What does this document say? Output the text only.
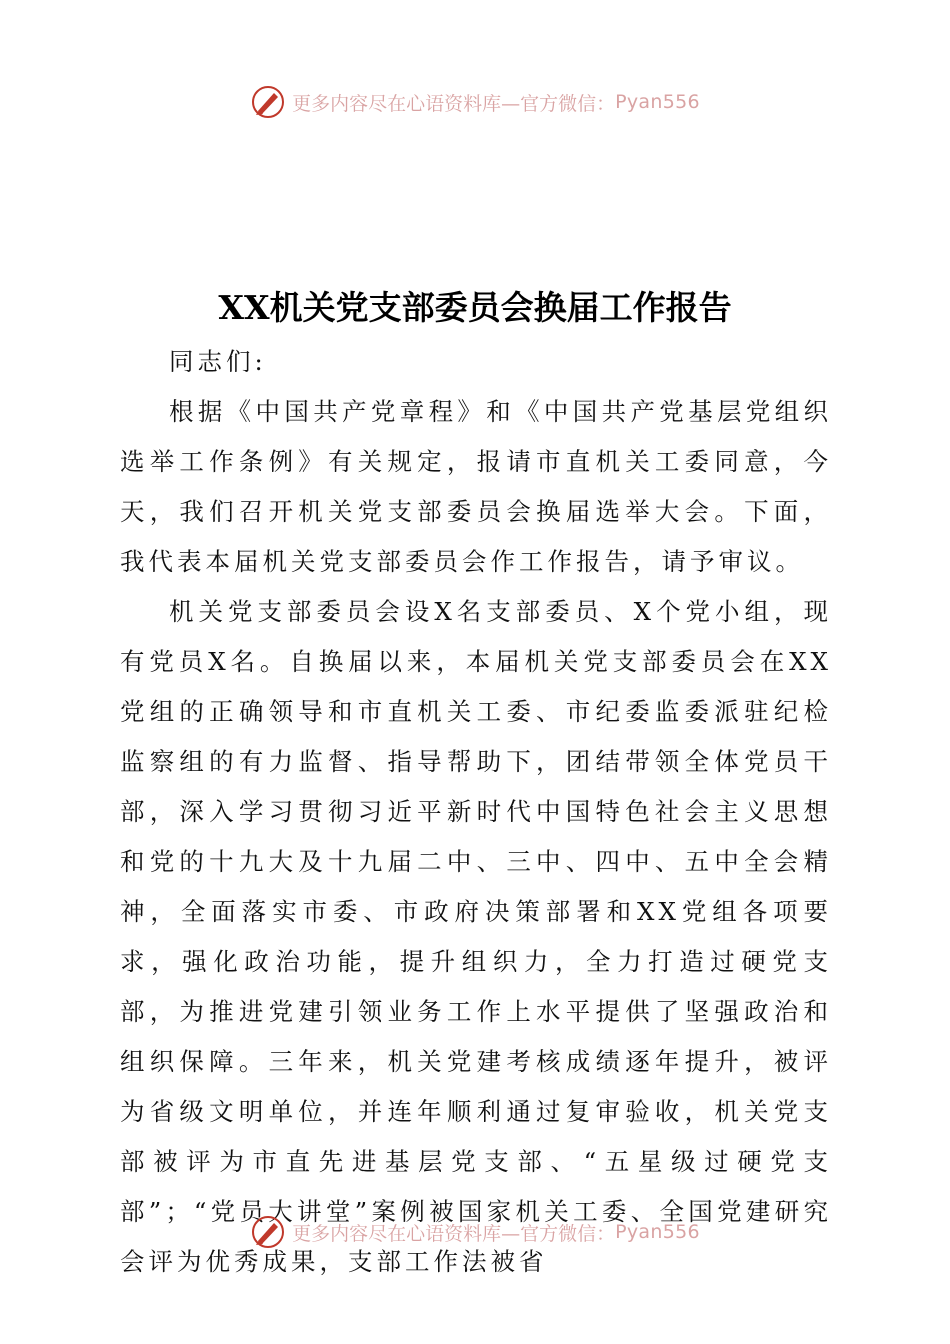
更多内容尽在心语资料库—官方微信： Pyan556
XX机关党支部委员会换届工作报告

同志们:

根据《中国共产党章程》和《中国共产党基层党组织选举工作条例》有关规定，报请市直机关工委同意，今天，我们召开机关党支部委员会换届选举大会。下面，我代表本届机关党支部委员会作工作报告，请予审议。

机关党支部委员会设X名支部委员、X个党小组，现有党员X名。自换届以来，本届机关党支部委员会在XX党组的正确领导和市直机关工委、市纪委监委派驻纪检监察组的有力监督、指导帮助下，团结带领全体党员干部，深入学习贯彻习近平新时代中国特色社会主义思想和党的十九大及十九届二中、三中、四中、五中全会精神，全面落实市委、市政府决策部署和XX党组各项要求，强化政治功能，提升组织力，全力打造过硬党支部，为推进党建引领业务工作上水平提供了坚强政治和组织保障。三年来，机关党建考核成绩逐年提升，被评为省级文明单位，并连年顺利通过复审验收，机关党支部被评为市直先进基层党支部、“五星级过硬党支部”；“党员大讲堂”案例被国家机关工委、全国党建研究会评为优秀成果，支部工作法被省

更多内容尽在心语资料库—官方微信： Pyan556
